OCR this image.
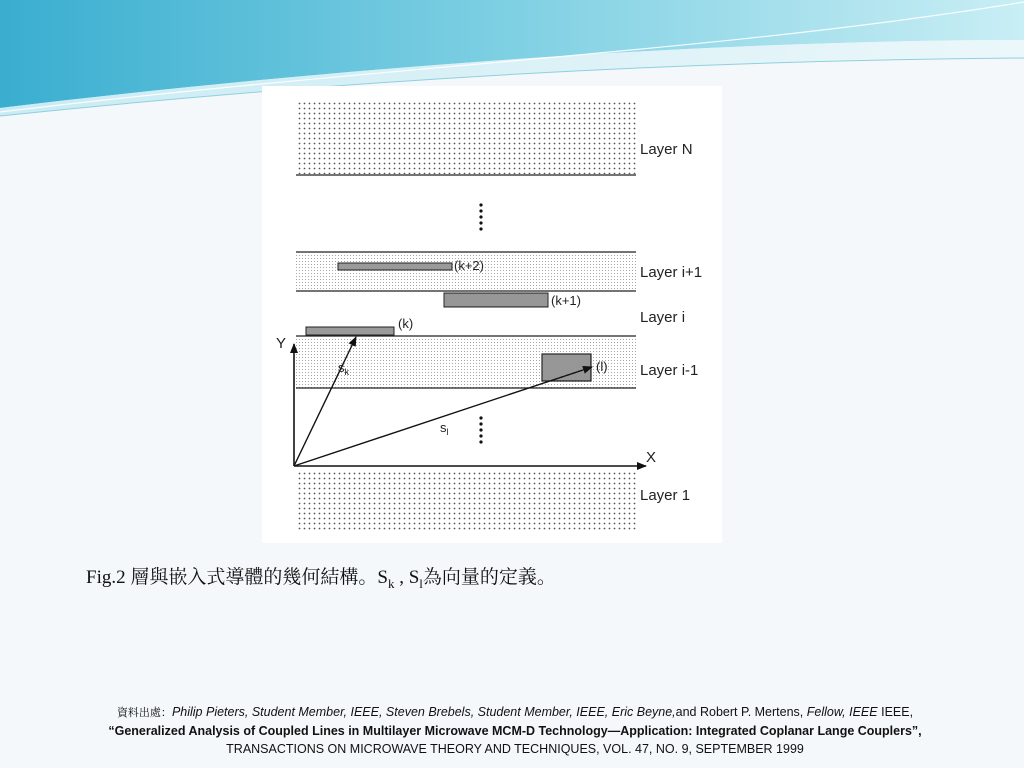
Layer N
Layer i+1
(k+2)
(k+1)
Layer i
(k)
Layer i-1
(l)
Layer 1
Y
X
$s_k$
$s_l$
Fig.2 層與嵌入式導體的幾何結構。$S_k$ , $S_l$為向量的定義。
資料出處：Philip Pieters, Student Member, IEEE, Steven Brebels, Student Member, IEEE, Eric Beyne,and Robert P. Mertens, Fellow, IEEE IEEE,
“Generalized Analysis of Coupled Lines in Multilayer Microwave MCM-D Technology—Application: Integrated Coplanar Lange Couplers”,
TRANSACTIONS ON MICROWAVE THEORY AND TECHNIQUES, VOL. 47, NO. 9, SEPTEMBER 1999
